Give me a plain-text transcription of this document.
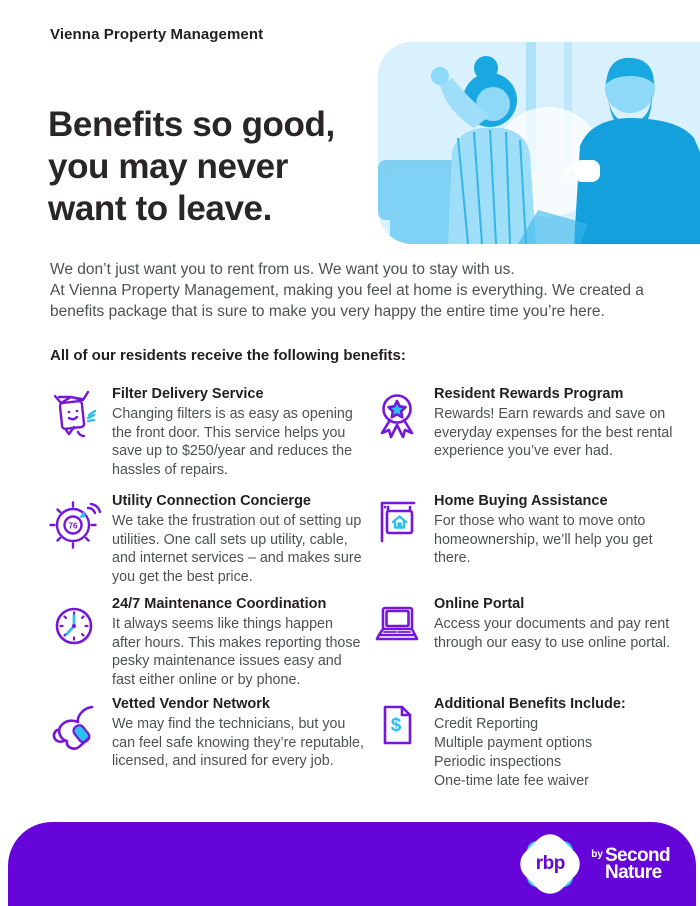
Vienna Property Management
Benefits so good,
you may never
want to leave.

We don’t just want you to rent from us. We want you to stay with us.
At Vienna Property Management, making you feel at home is everything. We created a benefits package that is sure to make you very happy the entire time you’re here.

All of our residents receive the following benefits:
Filter Delivery Service
Changing filters is as easy as opening the front door. This service helps you save up to $250/year and reduces the hassles of repairs.
Resident Rewards Program
Rewards! Earn rewards and save on everyday expenses for the best rental experience you’ve ever had.
76
Utility Connection Concierge
We take the frustration out of setting up utilities. One call sets up utility, cable, and internet services – and makes sure you get the best price.
Home Buying Assistance
For those who want to move onto homeownership, we’ll help you get there.
24/7 Maintenance Coordination
It always seems like things happen after hours. This makes reporting those pesky maintenance issues easy and fast either online or by phone.
Online Portal
Access your documents and pay rent through our easy to use online portal.
Vetted Vendor Network
We may find the technicians, but you can feel safe knowing they’re reputable, licensed, and insured for every job.
$
Additional Benefits Include:
Credit Reporting
Multiple payment options
Periodic inspections
One-time late fee waiver
rbp	by Second
Nature
